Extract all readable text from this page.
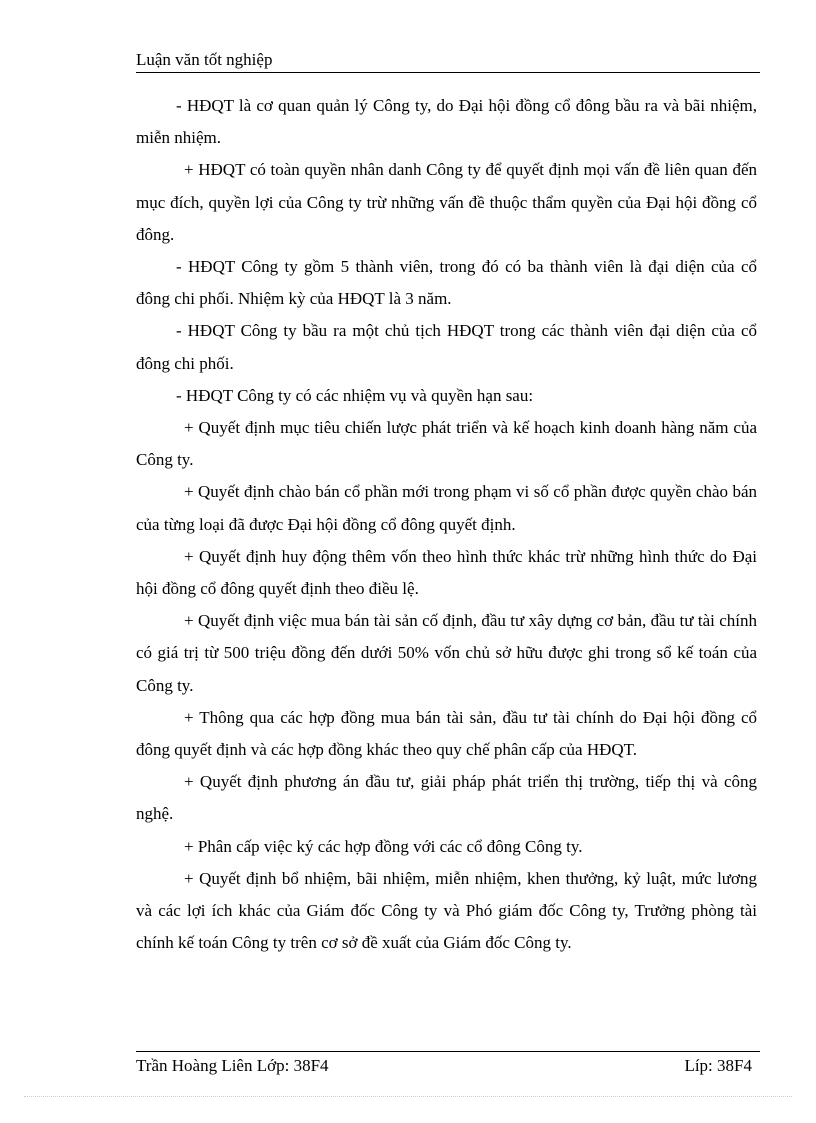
Luận văn tốt nghiệp

- HĐQT là cơ quan quản lý Công ty, do Đại hội đồng cổ đông bầu ra và bãi nhiệm, miễn nhiệm.

+ HĐQT có toàn quyền nhân danh Công ty để quyết định mọi vấn đề liên quan đến mục đích, quyền lợi của Công ty trừ những vấn đề thuộc thẩm quyền của Đại hội đồng cổ đông.

- HĐQT Công ty gồm 5 thành viên, trong đó có ba thành viên là đại diện của cổ đông chi phối. Nhiệm kỳ của HĐQT là 3 năm.

- HĐQT Công ty bầu ra một chủ tịch HĐQT trong các thành viên đại diện của cổ đông chi phối.

- HĐQT Công ty có các nhiệm vụ và quyền hạn sau:

+ Quyết định mục tiêu chiến lược phát triển và kế hoạch kinh doanh hàng năm của Công ty.

+ Quyết định chào bán cổ phần mới trong phạm vi số cổ phần được quyền chào bán của từng loại đã được Đại hội đồng cổ đông quyết định.

+ Quyết định huy động thêm vốn theo hình thức khác trừ những hình thức do Đại hội đồng cổ đông quyết định theo điều lệ.

+ Quyết định việc mua bán tài sản cố định, đầu tư xây dựng cơ bản, đầu tư tài chính có giá trị từ 500 triệu đồng đến dưới 50% vốn chủ sở hữu được ghi trong sổ kế toán của Công ty.

+ Thông qua các hợp đồng mua bán tài sản, đầu tư tài chính do Đại hội đồng cổ đông quyết định và các hợp đồng khác theo quy chế phân cấp của HĐQT.

+ Quyết định phương án đầu tư, giải pháp phát triển thị trường, tiếp thị và công nghệ.

+ Phân cấp việc ký các hợp đồng với các cổ đông Công ty.

+ Quyết định bổ nhiệm, bãi nhiệm, miễn nhiệm, khen thưởng, kỷ luật, mức lương và các lợi ích khác của Giám đốc Công ty và Phó giám đốc Công ty, Trưởng phòng tài chính kế toán Công ty trên cơ sở đề xuất của Giám đốc Công ty.

Trần Hoàng Liên Lớp: 38F4	Líp: 38F4
